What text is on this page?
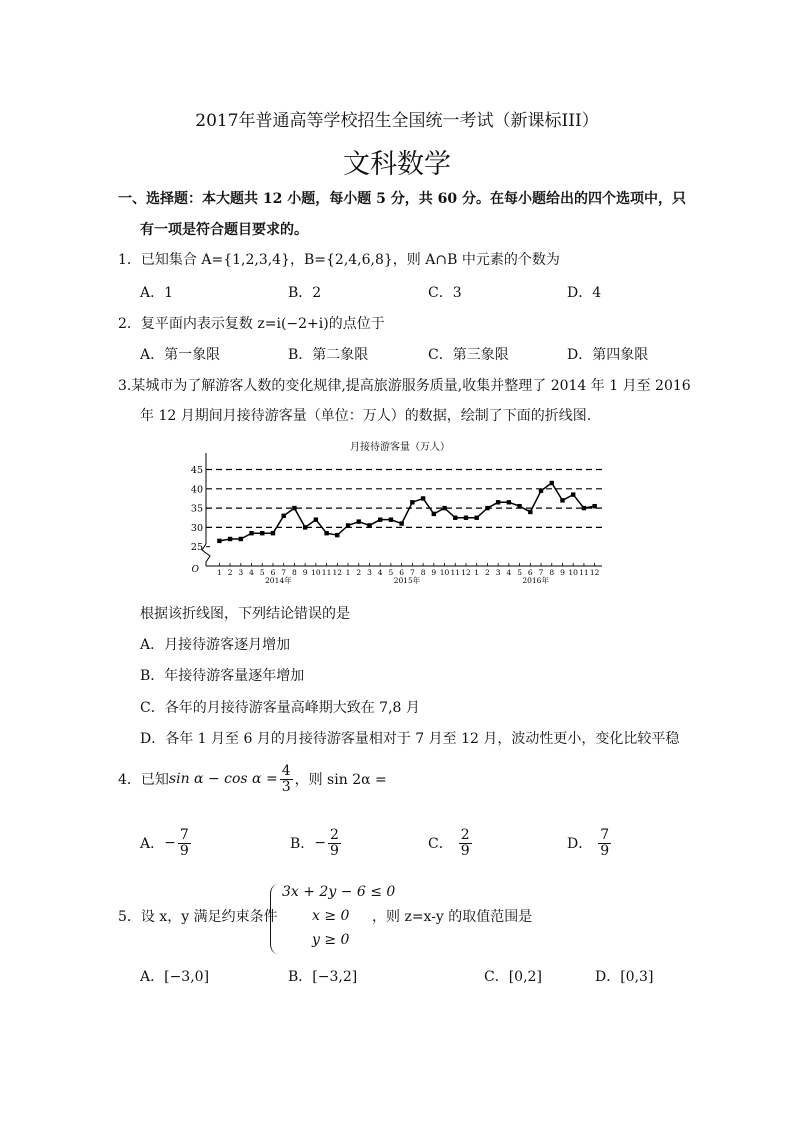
2017年普通高等学校招生全国统一考试（新课标III）
文科数学
一、选择题：本大题共 12 小题，每小题 5 分，共 60 分。在每小题给出的四个选项中，只
有一项是符合题目要求的。
1．已知集合 A={1,2,3,4}，B={2,4,6,8}，则 A∩B 中元素的个数为
A．1	B．2	C．3	D．4
2．复平面内表示复数 z=i(−2+i)的点位于
A．第一象限	B．第二象限	C．第三象限	D．第四象限
3.某城市为了解游客人数的变化规律,提高旅游服务质量,收集并整理了 2014 年 1 月至 2016
年 12 月期间月接待游客量（单位：万人）的数据，绘制了下面的折线图.
月接待游客量（万人）
25
30
35
40
45
O 1 2 3 4 5 6 7 8 9 10 11 12 1 2 3 4 5 6 7 8 9 10 11 12 1 2 3 4 5 6 7 8 9 10 11 12
2014年	2015年	2016年
根据该折线图，下列结论错误的是
A．月接待游客逐月增加
B．年接待游客量逐年增加
C．各年的月接待游客量高峰期大致在 7,8 月
D．各年 1 月至 6 月的月接待游客量相对于 7 月至 12 月，波动性更小，变化比较平稳
4．已知 $\sin \alpha - \cos \alpha = \frac{4}{3}$ ，则 sin 2α =
A． − $\frac{7}{9}$	B． − $\frac{2}{9}$	C． $\frac{2}{9}$	D． $\frac{7}{9}$
5．设 x，y 满足约束条件
3x + 2y − 6 ≤ 0
x ≥ 0
y ≥ 0
，则 z=x-y 的取值范围是
A．[−3,0]	B．[−3,2]	C．[0,2]	D．[0,3]
